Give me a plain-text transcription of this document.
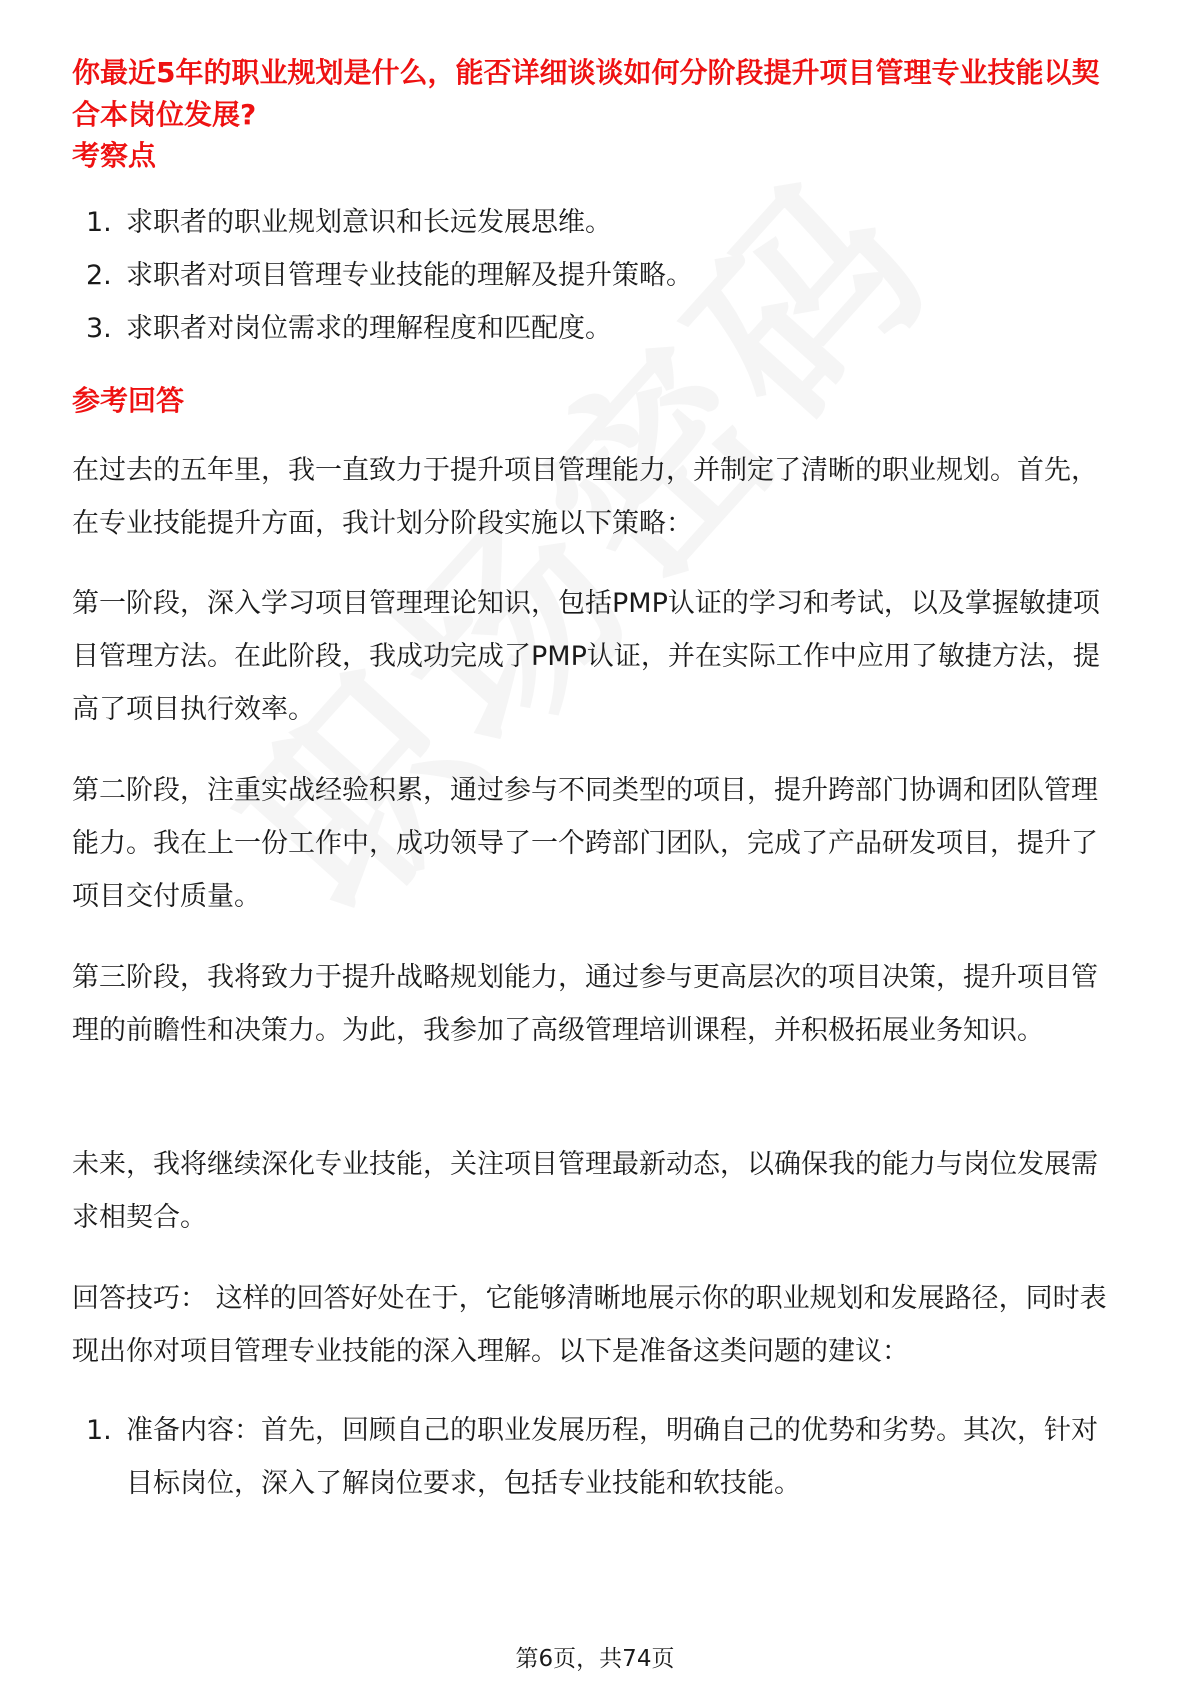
你最近5年的职业规划是什么，能否详细谈谈如何分阶段提升项目管理专业技能以契合本岗位发展?

考察点

1. 求职者的职业规划意识和长远发展思维。
2. 求职者对项目管理专业技能的理解及提升策略。
3. 求职者对岗位需求的理解程度和匹配度。

参考回答

在过去的五年里，我一直致力于提升项目管理能力，并制定了清晰的职业规划。首先，在专业技能提升方面，我计划分阶段实施以下策略：

第一阶段，深入学习项目管理理论知识，包括PMP认证的学习和考试，以及掌握敏捷项目管理方法。在此阶段，我成功完成了PMP认证，并在实际工作中应用了敏捷方法，提高了项目执行效率。

第二阶段，注重实战经验积累，通过参与不同类型的项目，提升跨部门协调和团队管理能力。我在上一份工作中，成功领导了一个跨部门团队，完成了产品研发项目，提升了项目交付质量。

第三阶段，我将致力于提升战略规划能力，通过参与更高层次的项目决策，提升项目管理的前瞻性和决策力。为此，我参加了高级管理培训课程，并积极拓展业务知识。

未来，我将继续深化专业技能，关注项目管理最新动态，以确保我的能力与岗位发展需求相契合。

回答技巧： 这样的回答好处在于，它能够清晰地展示你的职业规划和发展路径，同时表现出你对项目管理专业技能的深入理解。以下是准备这类问题的建议：

1. 准备内容：首先，回顾自己的职业发展历程，明确自己的优势和劣势。其次，针对目标岗位，深入了解岗位要求，包括专业技能和软技能。
第6页，共74页
